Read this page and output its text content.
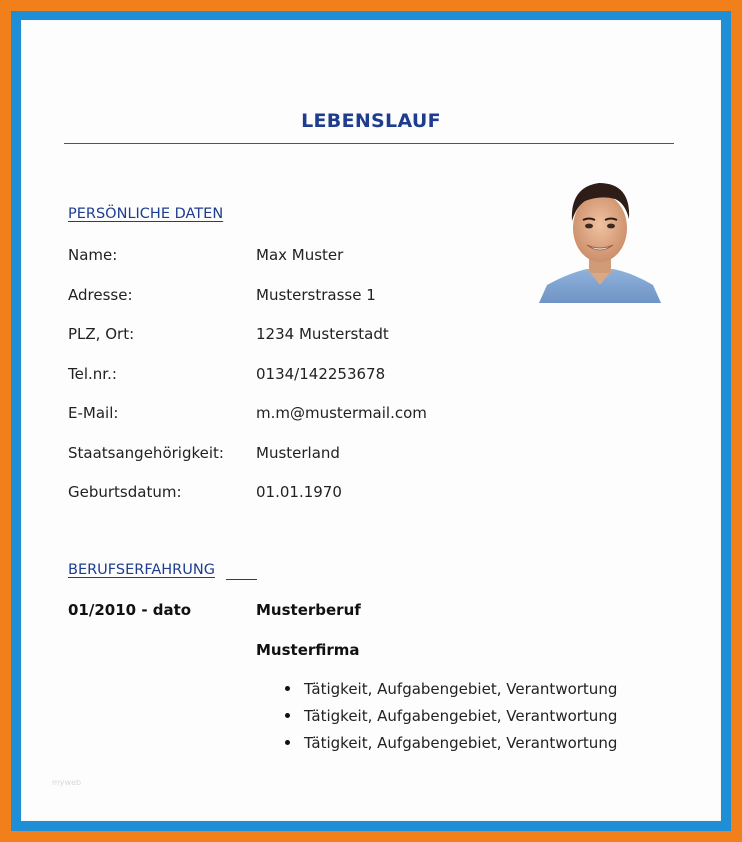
LEBENSLAUF
PERSÖNLICHE DATEN
Name:	Max Muster
Adresse:	Musterstrasse 1
PLZ, Ort:	1234 Musterstadt
Tel.nr.:	0134/142253678
E-Mail:	m.m@mustermail.com
Staatsangehörigkeit: Musterland
Geburtsdatum:	01.01.1970
BERUFSERFAHRUNG
01/2010 - dato	Musterberuf
Musterfirma
Tätigkeit, Aufgabengebiet, Verantwortung
Tätigkeit, Aufgabengebiet, Verantwortung
Tätigkeit, Aufgabengebiet, Verantwortung
myweb
